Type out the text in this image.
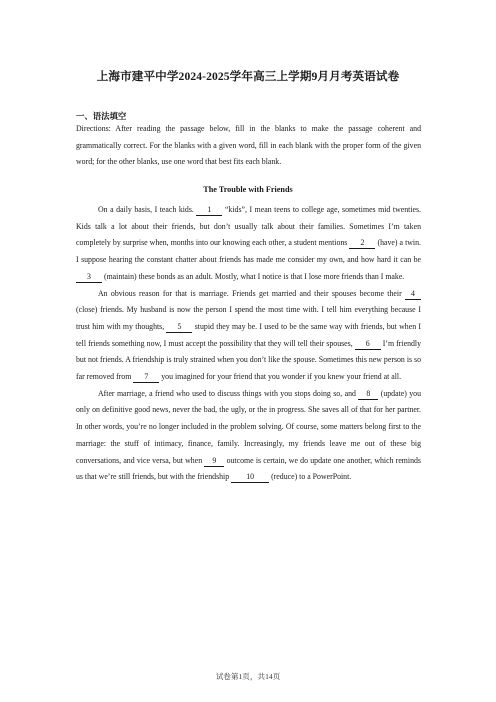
上海市建平中学2024-2025学年高三上学期9月月考英语试卷
一、语法填空
Directions: After reading the passage below, fill in the blanks to make the passage coherent and grammatically correct. For the blanks with a given word, fill in each blank with the proper form of the given word; for the other blanks, use one word that best fits each blank.
The Trouble with Friends

On a daily basis, I teach kids. 1 “kids”, I mean teens to college age, sometimes mid twenties. Kids talk a lot about their friends, but don’t usually talk about their families. Sometimes I’m taken completely by surprise when, months into our knowing each other, a student mentions 2 (have) a twin. I suppose hearing the constant chatter about friends has made me consider my own, and how hard it can be 3 (maintain) these bonds as an adult. Mostly, what I notice is that I lose more friends than I make.

An obvious reason for that is marriage. Friends get married and their spouses become their 4 (close) friends. My husband is now the person I spend the most time with. I tell him everything because I trust him with my thoughts, 5 stupid they may be. I used to be the same way with friends, but when I tell friends something now, I must accept the possibility that they will tell their spouses, 6 I’m friendly but not friends. A friendship is truly strained when you don’t like the spouse. Sometimes this new person is so far removed from 7 you imagined for your friend that you wonder if you knew your friend at all.

After marriage, a friend who used to discuss things with you stops doing so, and 8 (update) you only on definitive good news, never the bad, the ugly, or the in progress. She saves all of that for her partner. In other words, you’re no longer included in the problem solving. Of course, some matters belong first to the marriage: the stuff of intimacy, finance, family. Increasingly, my friends leave me out of these big conversations, and vice versa, but when 9 outcome is certain, we do update one another, which reminds us that we’re still friends, but with the friendship 10 (reduce) to a PowerPoint.

试卷第1页，共14页
